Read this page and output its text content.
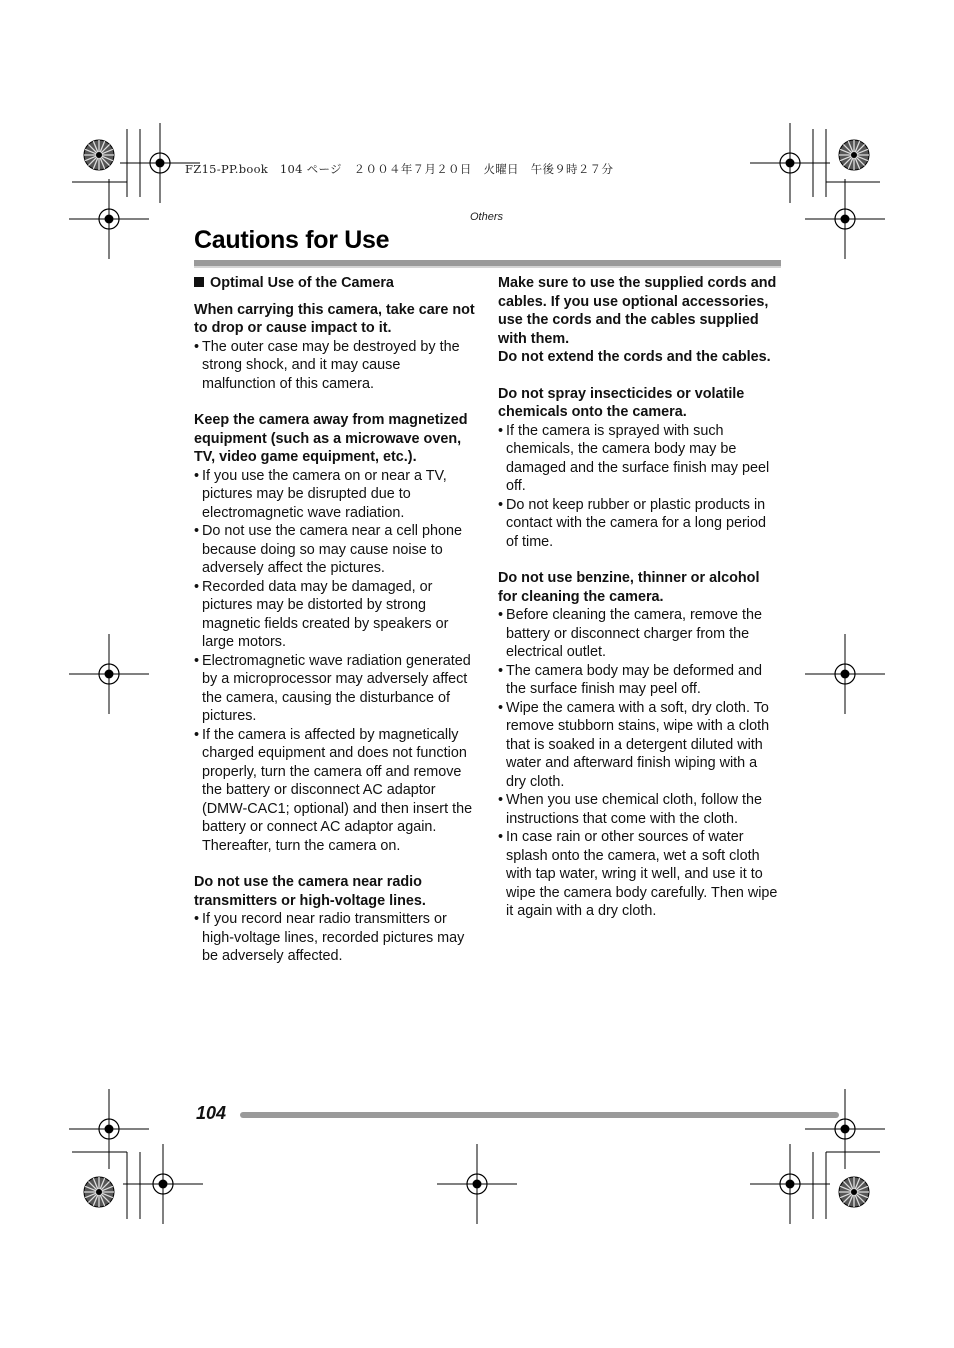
FZ15-PP.book　104 ページ　２００４年７月２０日　火曜日　午後９時２７分
Others
Cautions for Use
Optimal Use of the Camera
When carrying this camera, take care not to drop or cause impact to it.
• The outer case may be destroyed by the strong shock, and it may cause malfunction of this camera.
Keep the camera away from magnetized equipment (such as a microwave oven, TV, video game equipment, etc.).
• If you use the camera on or near a TV, pictures may be disrupted due to electromagnetic wave radiation.
• Do not use the camera near a cell phone because doing so may cause noise to adversely affect the pictures.
• Recorded data may be damaged, or pictures may be distorted by strong magnetic fields created by speakers or large motors.
• Electromagnetic wave radiation generated by a microprocessor may adversely affect the camera, causing the disturbance of pictures.
• If the camera is affected by magnetically charged equipment and does not function properly, turn the camera off and remove the battery or disconnect AC adaptor (DMW-CAC1; optional) and then insert the battery or connect AC adaptor again. Thereafter, turn the camera on.
Do not use the camera near radio transmitters or high-voltage lines.
• If you record near radio transmitters or high-voltage lines, recorded pictures may be adversely affected.
Make sure to use the supplied cords and cables. If you use optional accessories, use the cords and the cables supplied with them.
Do not extend the cords and the cables.
Do not spray insecticides or volatile chemicals onto the camera.
• If the camera is sprayed with such chemicals, the camera body may be damaged and the surface finish may peel off.
• Do not keep rubber or plastic products in contact with the camera for a long period of time.
Do not use benzine, thinner or alcohol for cleaning the camera.
• Before cleaning the camera, remove the battery or disconnect charger from the electrical outlet.
• The camera body may be deformed and the surface finish may peel off.
• Wipe the camera with a soft, dry cloth. To remove stubborn stains, wipe with a cloth that is soaked in a detergent diluted with water and afterward finish wiping with a dry cloth.
• When you use chemical cloth, follow the instructions that come with the cloth.
• In case rain or other sources of water splash onto the camera, wet a soft cloth with tap water, wring it well, and use it to wipe the camera body carefully. Then wipe it again with a dry cloth.
104
